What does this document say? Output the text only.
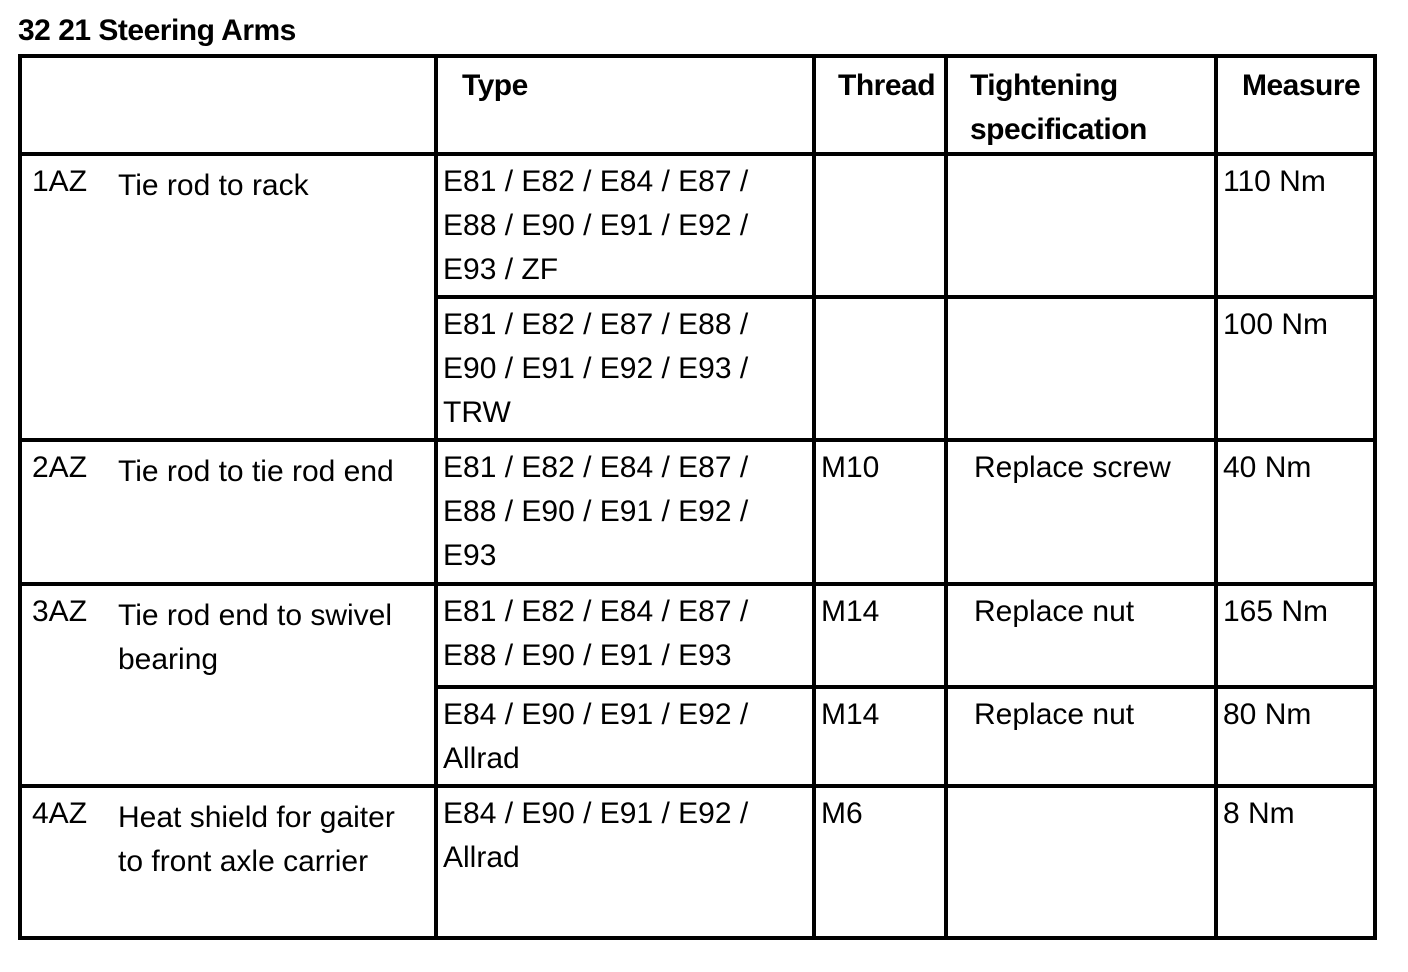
32 21 Steering Arms
	Type	Thread	Tightening specification	Measure

1AZ Tie rod to rack	E81 / E82 / E84 / E87 / E88 / E90 / E91 / E92 / E93 / ZF			110 Nm
	E81 / E82 / E87 / E88 / E90 / E91 / E92 / E93 / TRW			100 Nm

2AZ Tie rod to tie rod end	E81 / E82 / E84 / E87 / E88 / E90 / E91 / E92 / E93	M10	Replace screw	40 Nm

3AZ Tie rod end to swivel bearing	E81 / E82 / E84 / E87 / E88 / E90 / E91 / E93	M14	Replace nut	165 Nm
	E84 / E90 / E91 / E92 / Allrad	M14	Replace nut	80 Nm

4AZ Heat shield for gaiter to front axle carrier	E84 / E90 / E91 / E92 / Allrad	M6		8 Nm
